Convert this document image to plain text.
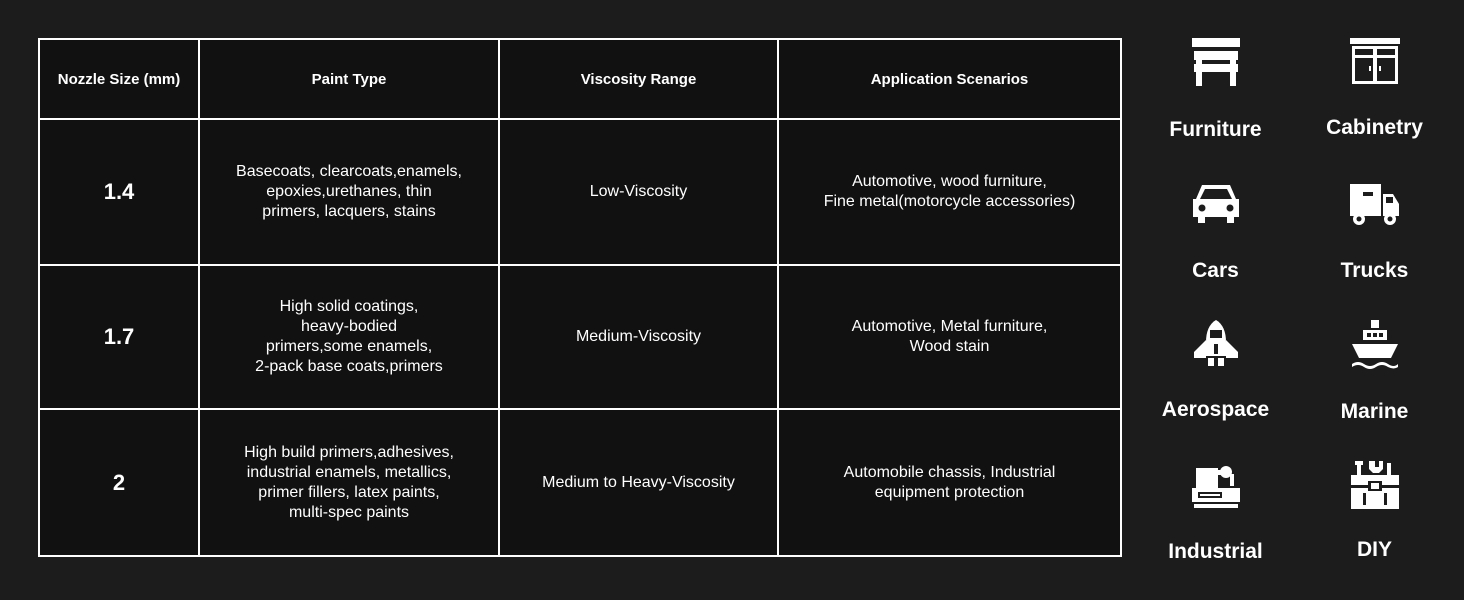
Nozzle Size (mm)	Paint Type	Viscosity Range	Application Scenarios
1.4	Basecoats, clearcoats,enamels,
epoxies,urethanes, thin
primers, lacquers, stains	Low-Viscosity	Automotive, wood furniture,
Fine metal(motorcycle accessories)
1.7	High solid coatings,
heavy-bodied
primers,some enamels,
2-pack base coats,primers	Medium-Viscosity	Automotive, Metal furniture,
Wood stain
2	High build primers,adhesives,
industrial enamels, metallics,
primer fillers, latex paints,
multi-spec paints	Medium to Heavy-Viscosity	Automobile chassis, Industrial
equipment protection
Furniture	Cabinetry
Cars	Trucks
Aerospace	Marine
Industrial	DIY
